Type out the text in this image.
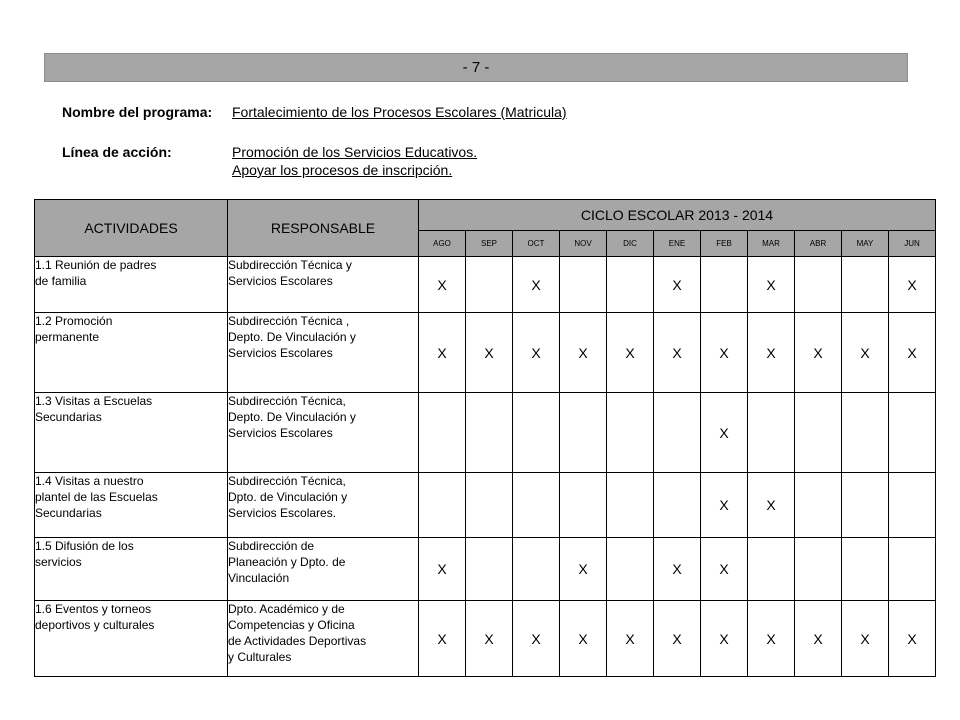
- 7 -
Nombre del programa: Fortalecimiento de los Procesos Escolares (Matricula)
Línea de acción:	Promoción de los Servicios Educativos.
Apoyar los procesos de inscripción.
ACTIVIDADES	RESPONSABLE	CICLO ESCOLAR 2013 - 2014										
		AGO	SEP	OCT	NOV	DIC	ENE	FEB	MAR	ABR	MAY	JUN
1.1 Reunión de padres
de familia	Subdirección Técnica y
Servicios Escolares	X		X			X		X			X
1.2 Promoción
permanente	Subdirección Técnica ,
Depto. De Vinculación y
Servicios Escolares	X	X	X	X	X	X	X	X	X	X	X
1.3 Visitas a Escuelas
Secundarias	Subdirección Técnica,
Depto. De Vinculación y
Servicios Escolares							X				
1.4 Visitas a nuestro
plantel de las Escuelas
Secundarias	Subdirección Técnica,
Dpto. de Vinculación y
Servicios Escolares.							X	X			
1.5 Difusión de los
servicios	Subdirección de
Planeación y Dpto. de
Vinculación	X			X		X	X				
1.6 Eventos y torneos
deportivos y culturales	Dpto. Académico y de
Competencias y Oficina
de Actividades Deportivas
y Culturales	X	X	X	X	X	X	X	X	X	X	X
